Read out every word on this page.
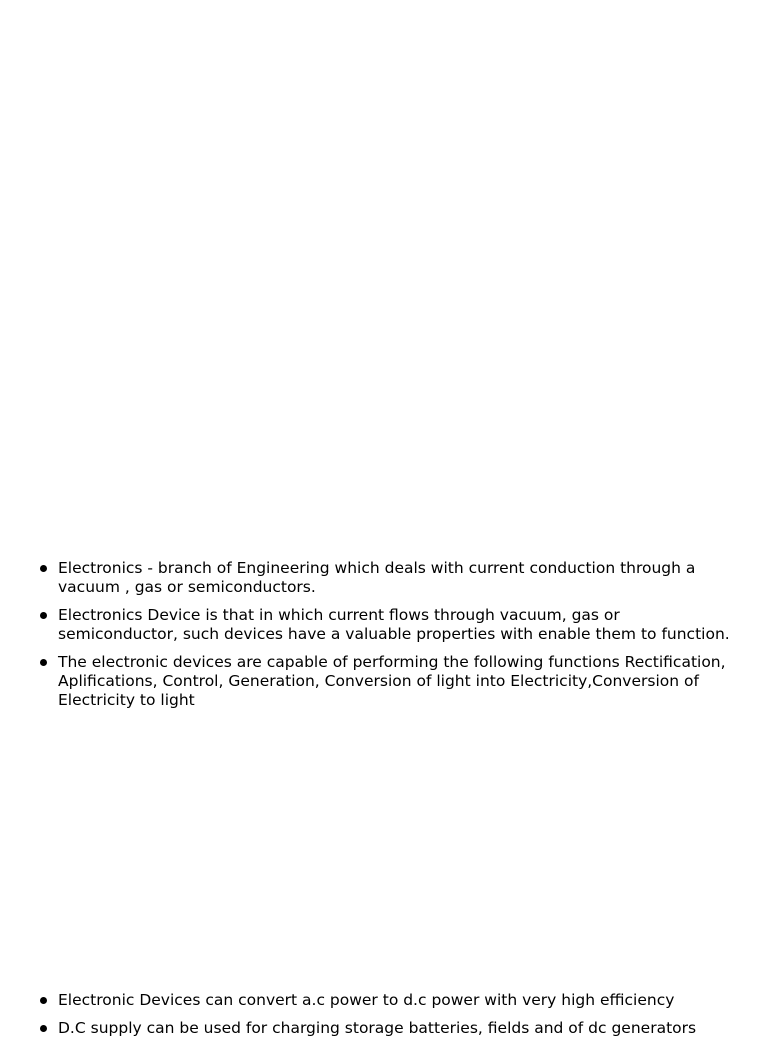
Electronics - branch of Engineering which deals with current conduction through a vacuum , gas or semiconductors.
Electronics Device is that in which current flows through vacuum, gas or semiconductor, such devices have a valuable properties with enable them to function.
The electronic devices are capable of performing the following functions Rectification, Aplifications, Control, Generation, Conversion of light into Electricity,Conversion of Electricity to light
Electronic Devices can convert a.c power to d.c power with very high efficiency
D.C supply can be used for charging storage batteries, fields and of dc generators
